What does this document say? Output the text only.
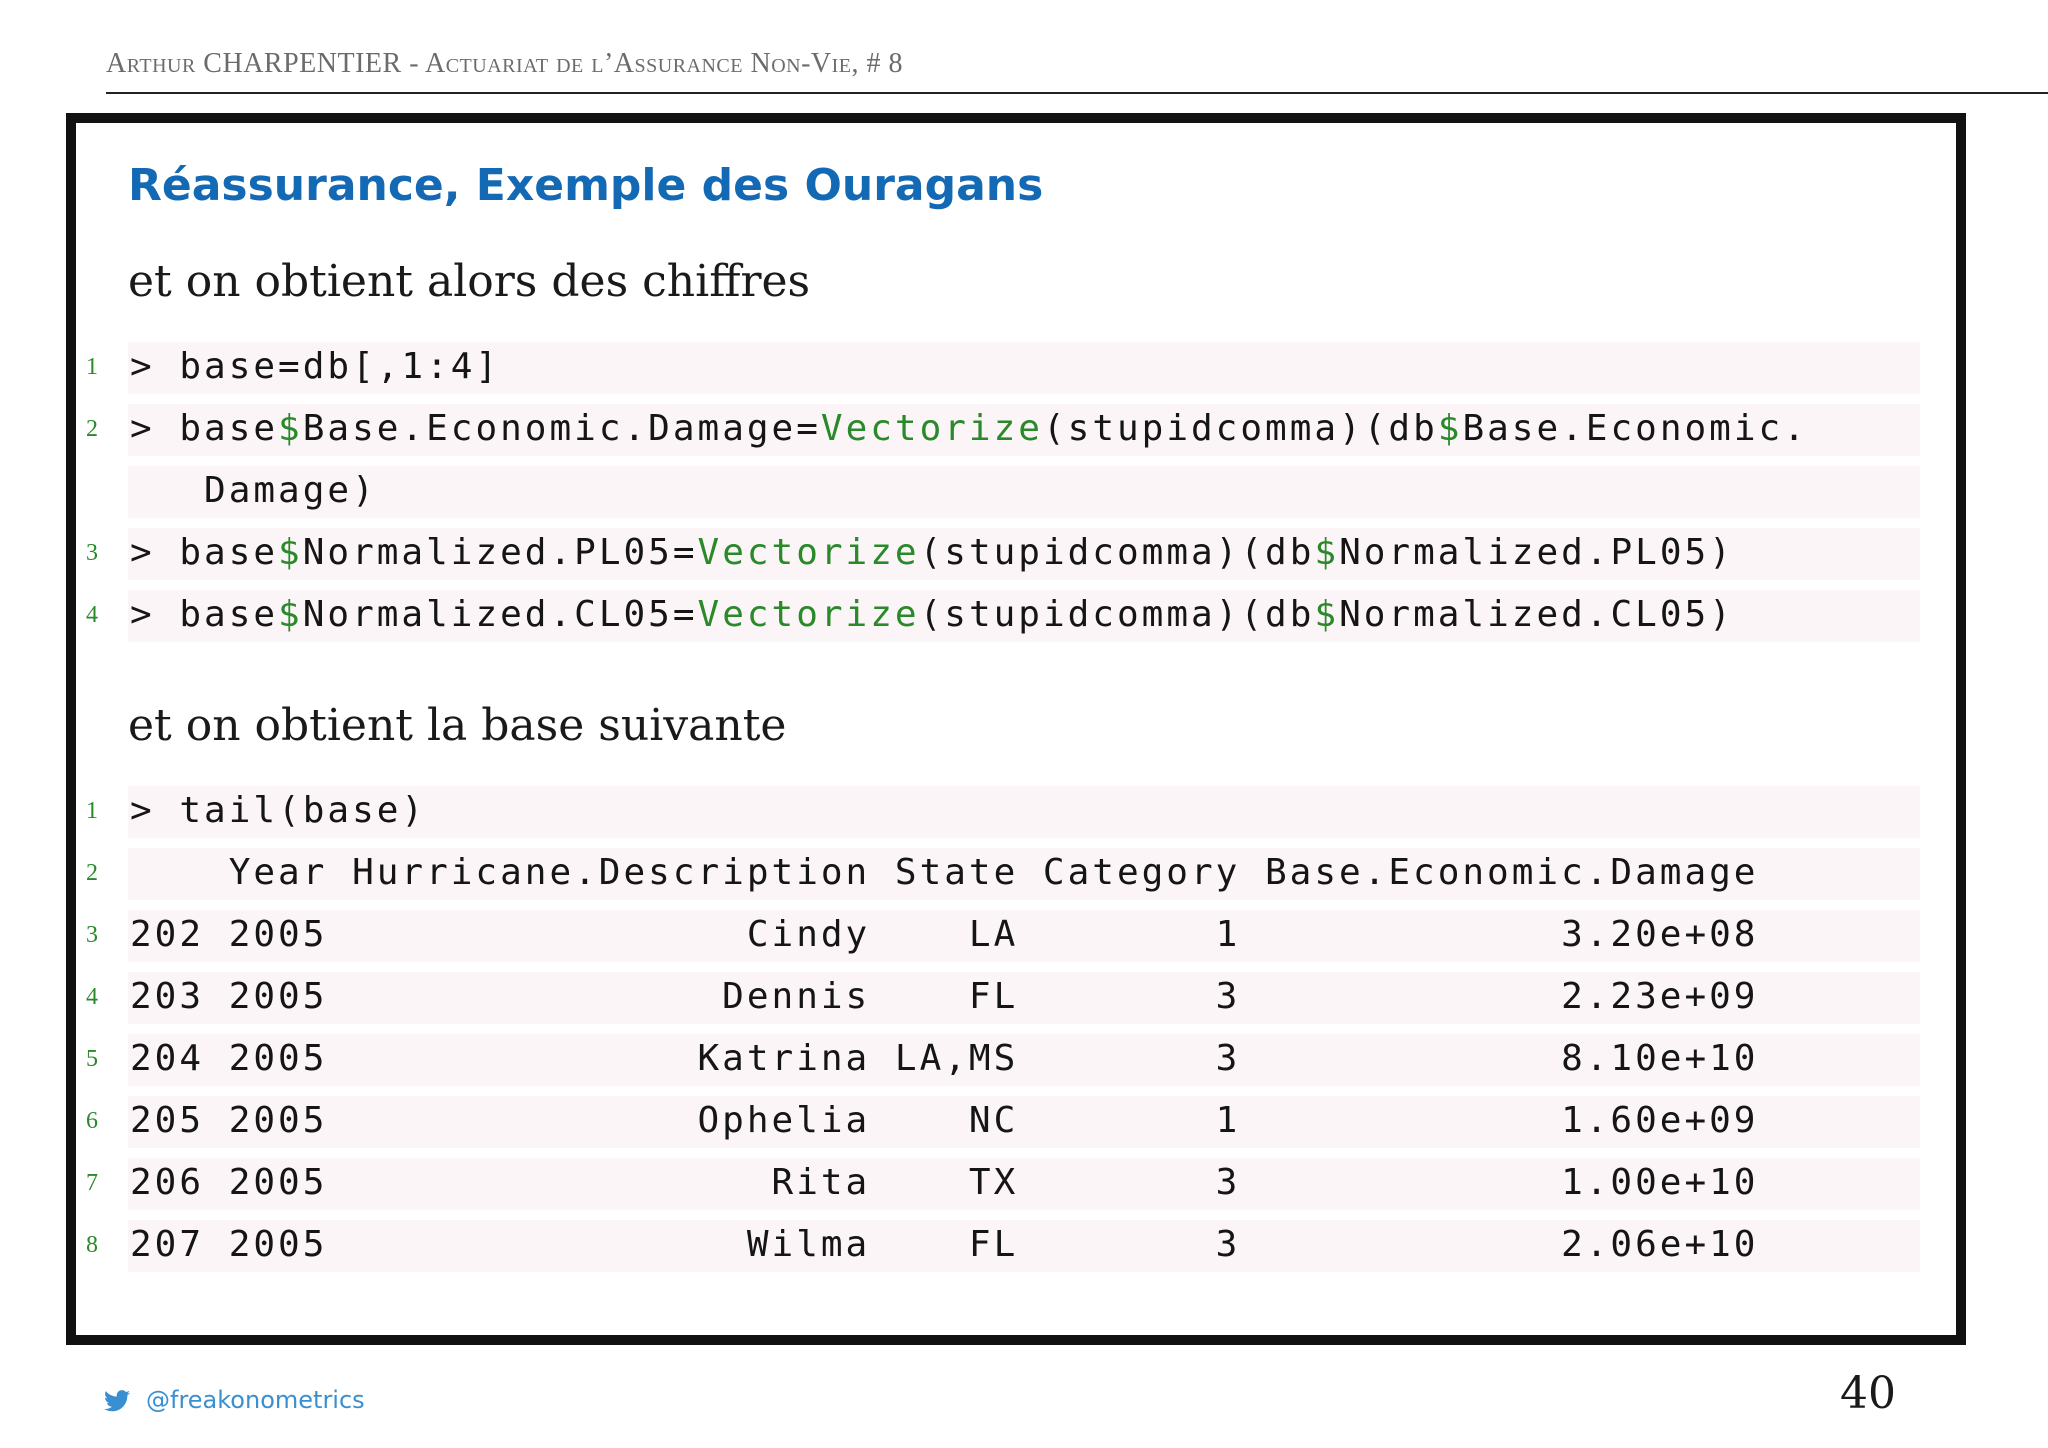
Arthur CHARPENTIER - Actuariat de l’Assurance Non-Vie, # 8
Réassurance, Exemple des Ouragans
et on obtient alors des chiffres
1 > base=db[,1:4]
2 > base$Base.Economic.Damage=Vectorize(stupidcomma)(db$Base.Economic.
Damage)
3 > base$Normalized.PL05=Vectorize(stupidcomma)(db$Normalized.PL05)
4 > base$Normalized.CL05=Vectorize(stupidcomma)(db$Normalized.CL05)
et on obtient la base suivante
1 > tail(base)
2 Year Hurricane.Description State Category Base.Economic.Damage
3 202 2005                 Cindy    LA        1             3.20e+08
4 203 2005                Dennis    FL        3             2.23e+09
5 204 2005               Katrina LA,MS        3             8.10e+10
6 205 2005               Ophelia    NC        1             1.60e+09
7 206 2005                  Rita    TX        3             1.00e+10
8 207 2005                 Wilma    FL        3             2.06e+10
@freakonometrics	40
